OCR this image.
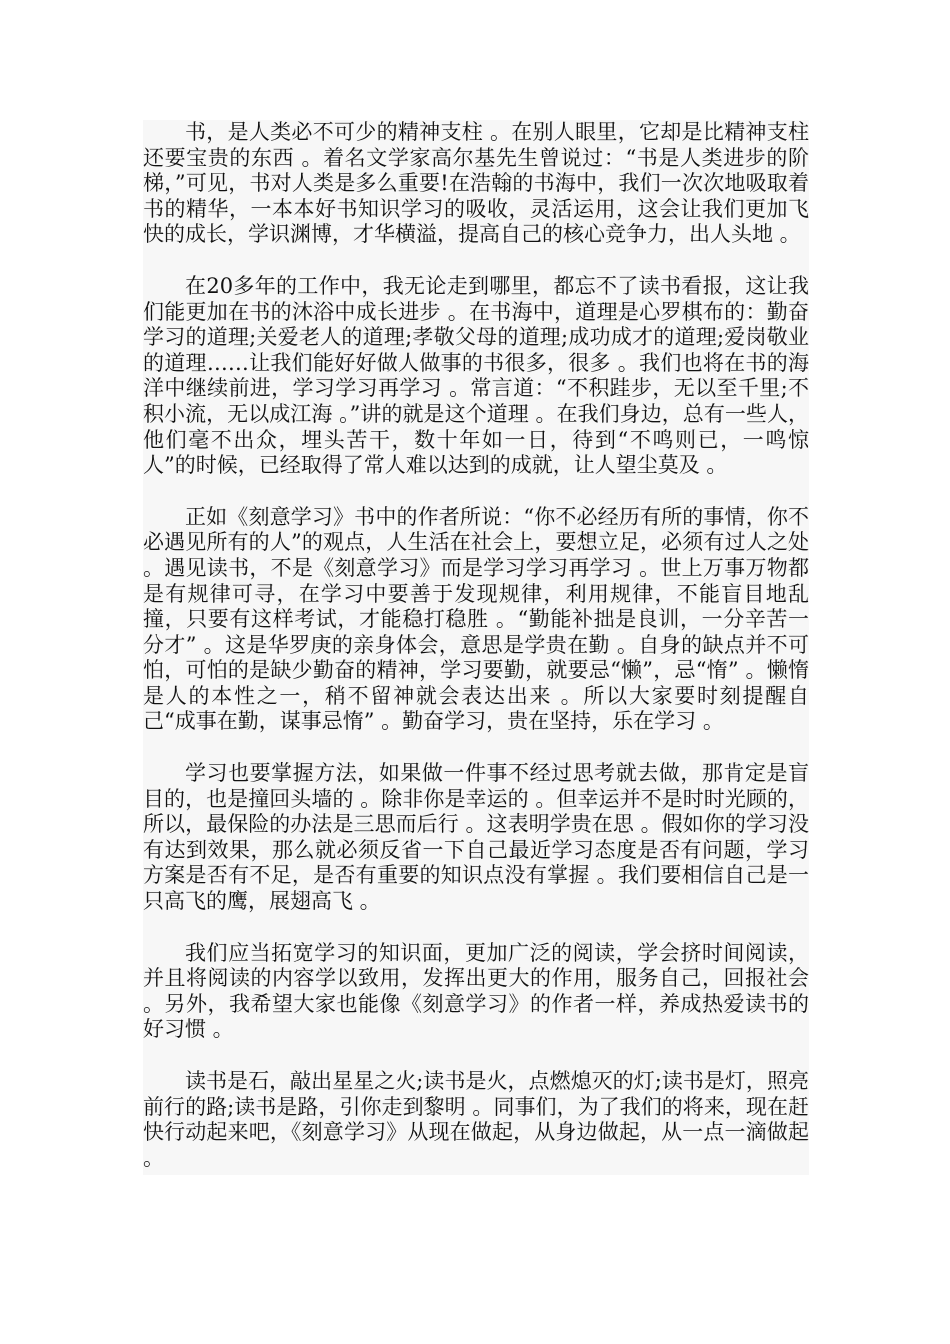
书，是人类必不可少的精神支柱 。在别人眼里，它却是比精神支柱还要宝贵的东西 。着名文学家高尔基先生曾说过：“书是人类进步的阶梯，”可见，书对人类是多么重要!在浩翰的书海中，我们一次次地吸取着书的精华，一本本好书知识学习的吸收，灵活运用，这会让我们更加飞快的成长，学识渊博，才华横溢，提高自己的核心竞争力，出人头地 。

在20多年的工作中，我无论走到哪里，都忘不了读书看报，这让我们能更加在书的沐浴中成长进步 。在书海中，道理是心罗棋布的：勤奋学习的道理;关爱老人的道理;孝敬父母的道理;成功成才的道理;爱岗敬业的道理……让我们能好好做人做事的书很多，很多 。我们也将在书的海洋中继续前进，学习学习再学习 。常言道：“不积跬步，无以至千里;不积小流，无以成江海 。”讲的就是这个道理 。在我们身边，总有一些人，他们毫不出众，埋头苦干，数十年如一日，待到“不鸣则已，一鸣惊人”的时候，已经取得了常人难以达到的成就，让人望尘莫及 。

正如《刻意学习》书中的作者所说：“你不必经历有所的事情，你不必遇见所有的人”的观点，人生活在社会上，要想立足，必须有过人之处 。遇见读书，不是《刻意学习》而是学习学习再学习 。世上万事万物都是有规律可寻，在学习中要善于发现规律，利用规律，不能盲目地乱撞，只要有这样考试，才能稳打稳胜 。“勤能补拙是良训，一分辛苦一分才” 。这是华罗庚的亲身体会，意思是学贵在勤 。自身的缺点并不可怕，可怕的是缺少勤奋的精神，学习要勤，就要忌“懒”，忌“惰” 。懒惰是人的本性之一，稍不留神就会表达出来 。所以大家要时刻提醒自己“成事在勤，谋事忌惰” 。勤奋学习，贵在坚持，乐在学习 。

学习也要掌握方法，如果做一件事不经过思考就去做，那肯定是盲目的，也是撞回头墙的 。除非你是幸运的 。但幸运并不是时时光顾的，所以，最保险的办法是三思而后行 。这表明学贵在思 。假如你的学习没有达到效果，那么就必须反省一下自己最近学习态度是否有问题，学习方案是否有不足，是否有重要的知识点没有掌握 。我们要相信自己是一只高飞的鹰，展翅高飞 。

我们应当拓宽学习的知识面，更加广泛的阅读，学会挤时间阅读，并且将阅读的内容学以致用，发挥出更大的作用，服务自己，回报社会 。另外，我希望大家也能像《刻意学习》的作者一样，养成热爱读书的好习惯 。

读书是石，敲出星星之火;读书是火，点燃熄灭的灯;读书是灯，照亮前行的路;读书是路，引你走到黎明 。同事们，为了我们的将来，现在赶快行动起来吧，《刻意学习》从现在做起，从身边做起，从一点一滴做起 。
